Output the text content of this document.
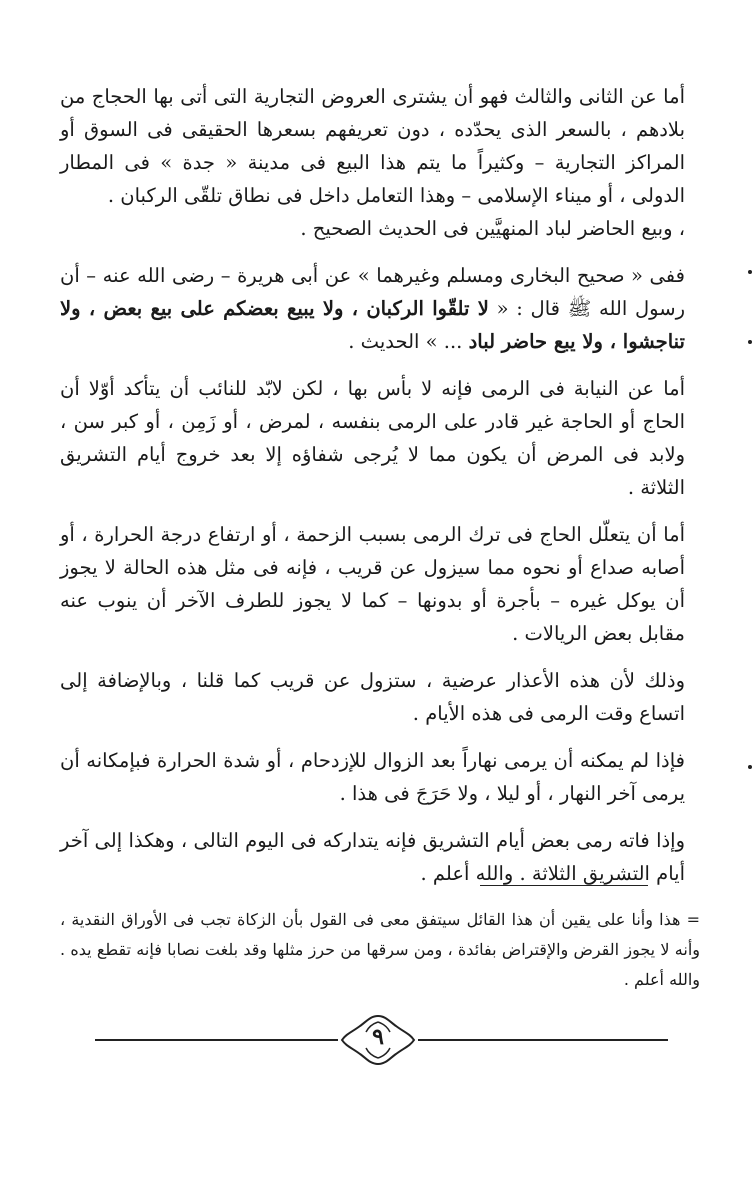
أما عن الثانى والثالث فهو أن يشترى العروض التجارية التى أتى بها الحجاج من بلادهم ، بالسعر الذى يحدّده ، دون تعريفهم بسعرها الحقيقى فى السوق أو المراكز التجارية – وكثيراً ما يتم هذا البيع فى مدينة « جدة » فى المطار الدولى ، أو ميناء الإسلامى – وهذا التعامل داخل فى نطاق تلقّى الركبان .

، وبيع الحاضر لباد المنهيَّين فى الحديث الصحيح .

ففى « صحيح البخارى ومسلم وغيرهما » عن أبى هريرة – رضى الله عنه – أن رسول الله ﷺ قال : « لا تلقّوا الركبان ، ولا يبيع بعضكم على بيع بعض ، ولا تناجشوا ، ولا يبع حاضر لباد ... » الحديث .

أما عن النيابة فى الرمى فإنه لا بأس بها ، لكن لابّد للنائب أن يتأكد أوّلا أن الحاج أو الحاجة غير قادر على الرمى بنفسه ، لمرض ، أو زَمِن ، أو كبر سن ، ولابد فى المرض أن يكون مما لا يُرجى شفاؤه إلا بعد خروج أيام التشريق الثلاثة .

أما أن يتعلّل الحاج فى ترك الرمى بسبب الزحمة ، أو ارتفاع درجة الحرارة ، أو أصابه صداع أو نحوه مما سيزول عن قريب ، فإنه فى مثل هذه الحالة لا يجوز أن يوكل غيره – بأجرة أو بدونها – كما لا يجوز للطرف الآخر أن ينوب عنه مقابل بعض الريالات .

وذلك لأن هذه الأعذار عرضية ، ستزول عن قريب كما قلنا ، وبالإضافة إلى اتساع وقت الرمى فى هذه الأيام .

فإذا لم يمكنه أن يرمى نهاراً بعد الزوال للإزدحام ، أو شدة الحرارة فبإمكانه أن يرمى آخر النهار ، أو ليلا ، ولا حَرَجَ فى هذا .

وإذا فاته رمى بعض أيام التشريق فإنه يتداركه فى اليوم التالى ، وهكذا إلى آخر أيام التشريق الثلاثة . والله أعلم .

= هذا وأنا على يقين أن هذا القائل سيتفق معى فى القول بأن الزكاة تجب فى الأوراق النقدية ، وأنه لا يجوز القرض والإقتراض بفائدة ، ومن سرقها من حرز مثلها وقد بلغت نصابا فإنه تقطع يده . والله أعلم .
٩
